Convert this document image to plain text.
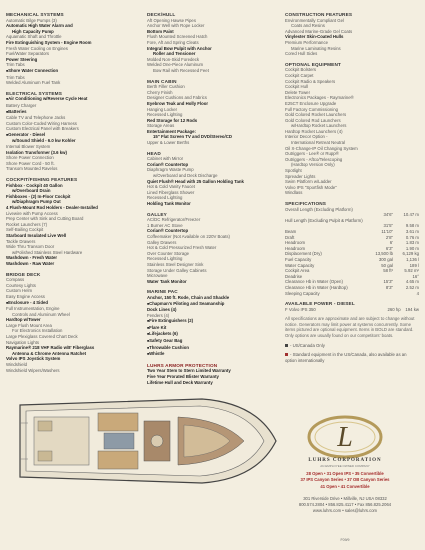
MECHANICAL SYSTEMS
Automatic Bilge Pumps (3)
Automatic High Water Alarm and
High Capacity Pump
Aquamatic Shaft and Throttle
Fire Extinguishing System - Engine Room
Fresh Water Cooling on Engines
Fuel/Water Separators
Power Steering
Trim Tabs
■ Shore Water Connection
Trim Tabs
Welded Aluminum Fuel Tank
ELECTRICAL SYSTEMS
■ Air Conditioning w/Reverse Cycle Heat
Battery Charger
■ Batteries
Cable TV and Telephone Jacks
Custom Color-Coded Wiring Harness
Custom Electrical Panel with Breakers
■ Generator - Diesel
w/Sound Shield - 6.0 kw Kohler
Internal Blower System
Isolation Transformer (3.6 kw)
Shore Power Connection
Shore Power Cord - 50 ft.
Transom Mounted Ravelos
COCKPIT/FISHING FEATURES
Fishbox - Cockpit 40 Gallon
w/Overboard Drain
Fishboxes - (2) In-Floor Cockpit
w/Diaphragm Pump Out
4 Flush-Mount Rod Holders - Dealer-Installed
Livewire with Pump Access
Prep Center with Sink and Cutting Board
Rocket Launchers (7)
Self-Bailing Cockpit
Starboard Insulated Live Well
Tackle Drawers
Wide Thru Transom Door
w/Polished Stainless Steel Hardware
Washdown - Fresh Water
Washdown - Raw Water
BRIDGE DECK
Compass
Courtesy Lights
Custom Helm
Easy Engine Access
■ Enclosure - 4 Sided
Full Instrumentation, Engine
Controls and Aluminum Wheel
Hardtop w/Tower
Large Flush Mount Area
For Electronics Installation
Large Plexiglass Covered Chart Deck
Navigation Lights
Raymarine® 218 VHF Radio w/8' Fiberglass
Antenna & Chrome Antenna Ratchet
Volvo IPS Joystick System
Windshield
Windshield Wipers/Washers
DECK/HULL
Aft Opening Hawse Pipes
Anchor Well with Rope Locker
Bottom Paint
Flush Mounted Screened Hatch
Fore, Aft and Spring Cleats
Integral Bow Pulpit with Anchor
Roller and Tensioner
Molded Non-Skid Foredeck
Welded One-Piece Aluminum
Bow Rail with Recessed Feet
MAIN CABIN
Berth Filler Cushion
Cherry Finish
Designer Cushions and Fabrics
Eyebrow Teak and Holly Floor
Hanging Locker
Recessed Lighting
Red Storage for 12 Rods
Storage Areas
Entertainment Package:
15" Flat Screen TV and DVD/Stereo/CD
Upper & Lower Berths
HEAD
Cabinet with Mirror
Corian® Countertop
Diaphragm Waste Pump
w/Overboard and Deck Discharge
Quiet Flush® Head with 25 Gallon Holding Tank
Hot & Cold Vanity Faucet
Lined Fiberglass Shower
Recessed Lighting
Holding Tank Monitor
GALLEY
AC/DC Refrigerator/Freezer
1 Burner AC Stove
Corian® Countertop
Coffeemaker (Not Available on 220V Boats)
Galley Drawers
Hot & Cold Pressurized Fresh Water
Over Counter Storage
Recessed Lighting
Stainless Steel Designer Sink
Storage Under Galley Cabinets
Microwave
Water Tank Monitor
MARINE PAC
Anchor, 150 ft. Rode, Chain and Shackle
■ Chapman's Piloting and Seamanship
Dock Lines (4)
Fenders (4)
■ Fire Extinguishers (2)
■ Flare Kit
■ Lifejackets (6)
■ Safety Gear Bag
■ Throwable Cushion
■ Whistle
LUHRS ARMOR PROTECTION
Two Year Stem to Stern Limited Warranty
Five Year Prorated Blister Warranty
Lifetime Hull and Deck Warranty
CONSTRUCTION FEATURES
Environmentally Compliant Gel
Coats and Resins
Advanced Marine-Grade Gel Coats
Vinylester Skin-Coated Hulls
Premium Performance
Marine Laminating Resins
Cored Hull Sides
OPTIONAL EQUIPMENT
Cockpit Bolsters
Cockpit Carpet
Cockpit Radio & Speakers
Cockpit Hull
Delete Tower
Electronics Packages - Raymarine®
E25CT Enclosure Upgrade
Full Factory Commissioning
Gold Colored Rocket Launchers
Gold Colored Rod Launchers
w/Hardtop Rocket Launchers
Hardtop Rocket Launchers (4)
Interior Decor Option -
International Retreat Neutral
Oil X-Change-IP Oil Changing System
Outriggers - Lee® or Rupp®
Outriggers - Aftco/Telescoping
(Hardtop Version Only)
Spotlight
Spreader Lights
Swim Platform w/Ladder
Volvo IPS "Sportfish Mode"
Windlass
SPECIFICATIONS
Overall Length (Excluding Platform)
34'6" 10.47 m
Hull Length (Excluding Pulpit & Platform)
31'5"	9.58 m
Beam	11'10"	3.61 m
Draft	2'8"	0.76 m
Headroom	6'	1.83 m
Headroom	6'3"	1.90 m
Displacement (Dry)	13,500 lb 6,129 kg
Fuel Capacity	300 gal	1,136 l
Water Capacity	50 gal	189 l
Cockpit Area	58 ft²	5.92 m²
Deadrise	16°
Clearance Hb in Water (Open)	15'3"	4.65 m
Clearance Hb in Water (Hardtop)	8'3"	2.52 m
Sleeping Capacity	4
AVAILABLE POWER - DIESEL
F Volvo IPS 350	260 hp 194 kw
All specifications are approximate and are subject to change without notice. Generators may limit power at systems concurrently. Some items pictured are optional equipment. Items in BOLD are standard. Only options are usually found on our competitors' boats.
- US/Canada Only
- Standard equipment in the US/Canada, also available as an option internationally
L
LUHRS CORPORATION
AN EMPLOYEE OWNED COMPANY
28 Open • 31 Open IPS • 35 Convertible
37 IPS Canyon Series • 37 OB Canyon Series
41 Open • 41 Convertible
301 Riverside Drive • Millville, NJ USA 08332
800.574.2804 • 856.825.4117 • Fax 856.825.2064
www.luhrs.com • sales@luhrs.com
F09/9
